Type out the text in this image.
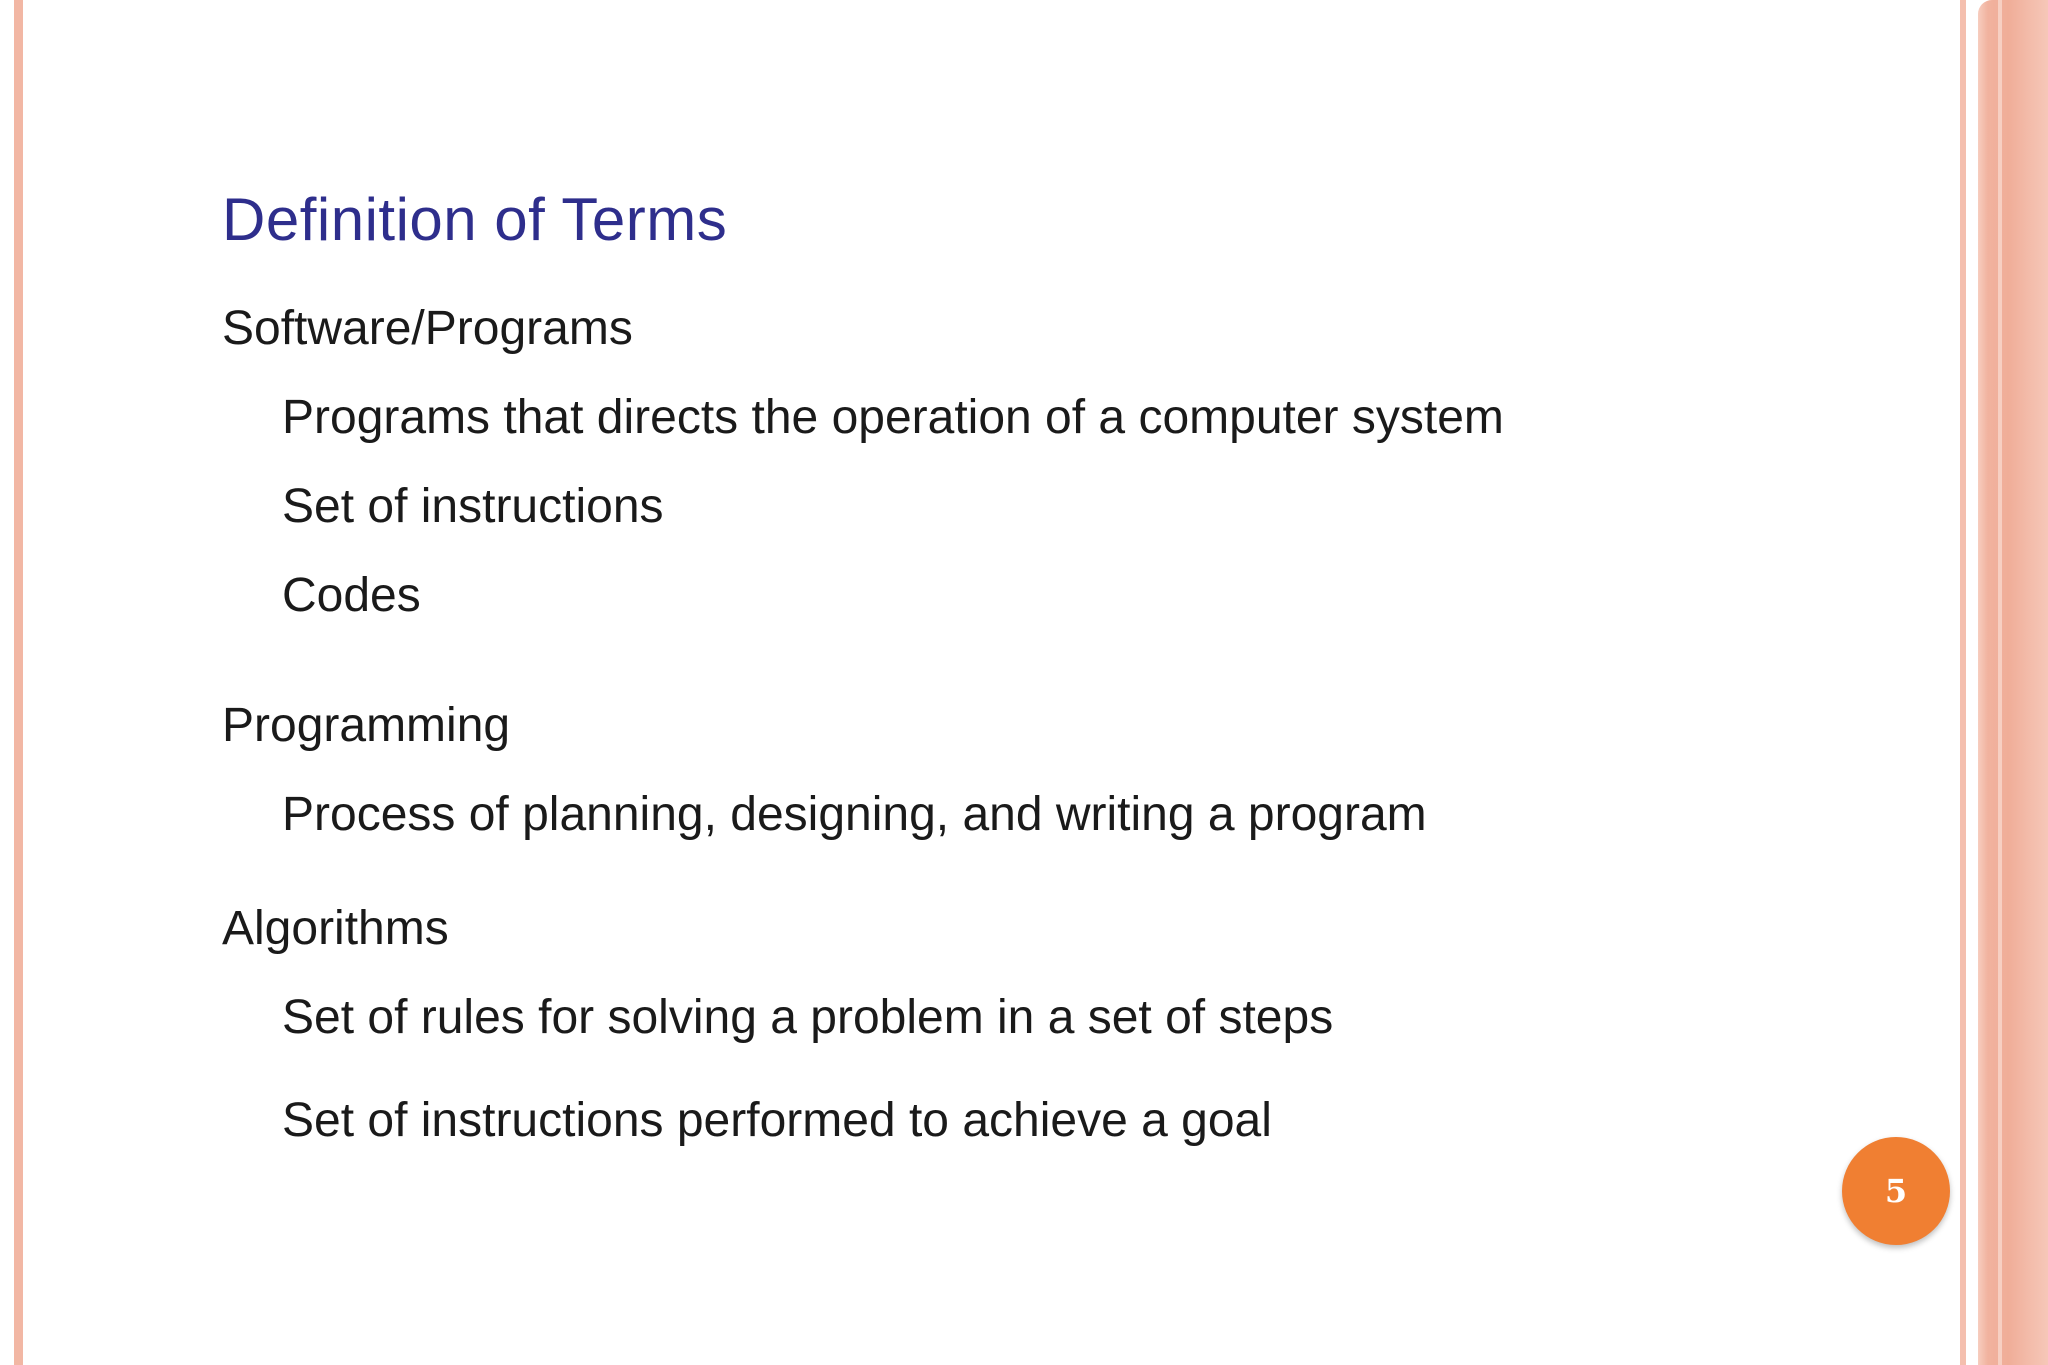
Definition of Terms
Software/Programs
Programs that directs the operation of a computer system
Set of instructions
Codes
Programming
Process of planning, designing, and writing a program
Algorithms
Set of rules for solving a problem in a set of steps
Set of instructions performed to achieve a goal
5
